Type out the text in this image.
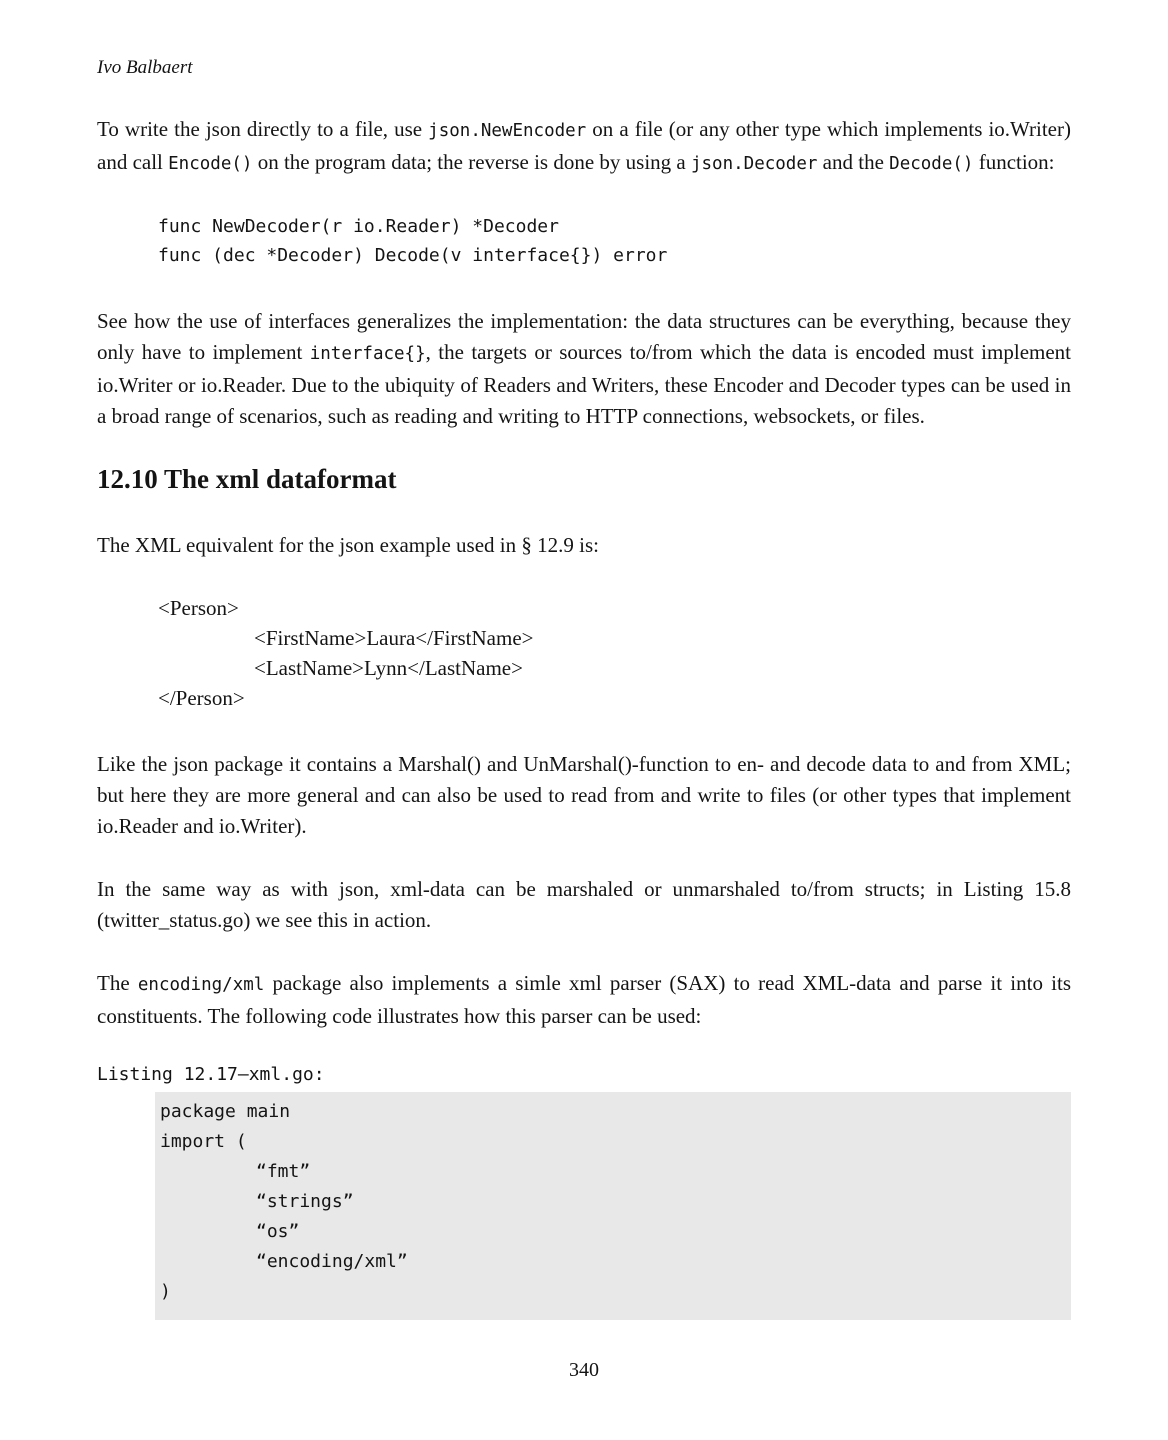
Ivo Balbaert

To write the json directly to a file, use json.NewEncoder on a file (or any other type which implements io.Writer) and call Encode() on the program data; the reverse is done by using a json.Decoder and the Decode() function:

func NewDecoder(r io.Reader) *Decoder
func (dec *Decoder) Decode(v interface{}) error

See how the use of interfaces generalizes the implementation: the data structures can be everything, because they only have to implement interface{}, the targets or sources to/from which the data is encoded must implement io.Writer or io.Reader. Due to the ubiquity of Readers and Writers, these Encoder and Decoder types can be used in a broad range of scenarios, such as reading and writing to HTTP connections, websockets, or files.

12.10 The xml dataformat

The XML equivalent for the json example used in § 12.9 is:

<Person>
<FirstName>Laura</FirstName>
<LastName>Lynn</LastName>
</Person>

Like the json package it contains a Marshal() and UnMarshal()-function to en- and decode data to and from XML; but here they are more general and can also be used to read from and write to files (or other types that implement io.Reader and io.Writer).

In the same way as with json, xml-data can be marshaled or unmarshaled to/from structs; in Listing 15.8 (twitter_status.go) we see this in action.

The encoding/xml package also implements a simle xml parser (SAX) to read XML-data and parse it into its constituents. The following code illustrates how this parser can be used:

Listing 12.17—xml.go:
package main
import (
“fmt”
“strings”
“os”
“encoding/xml”
)
340
